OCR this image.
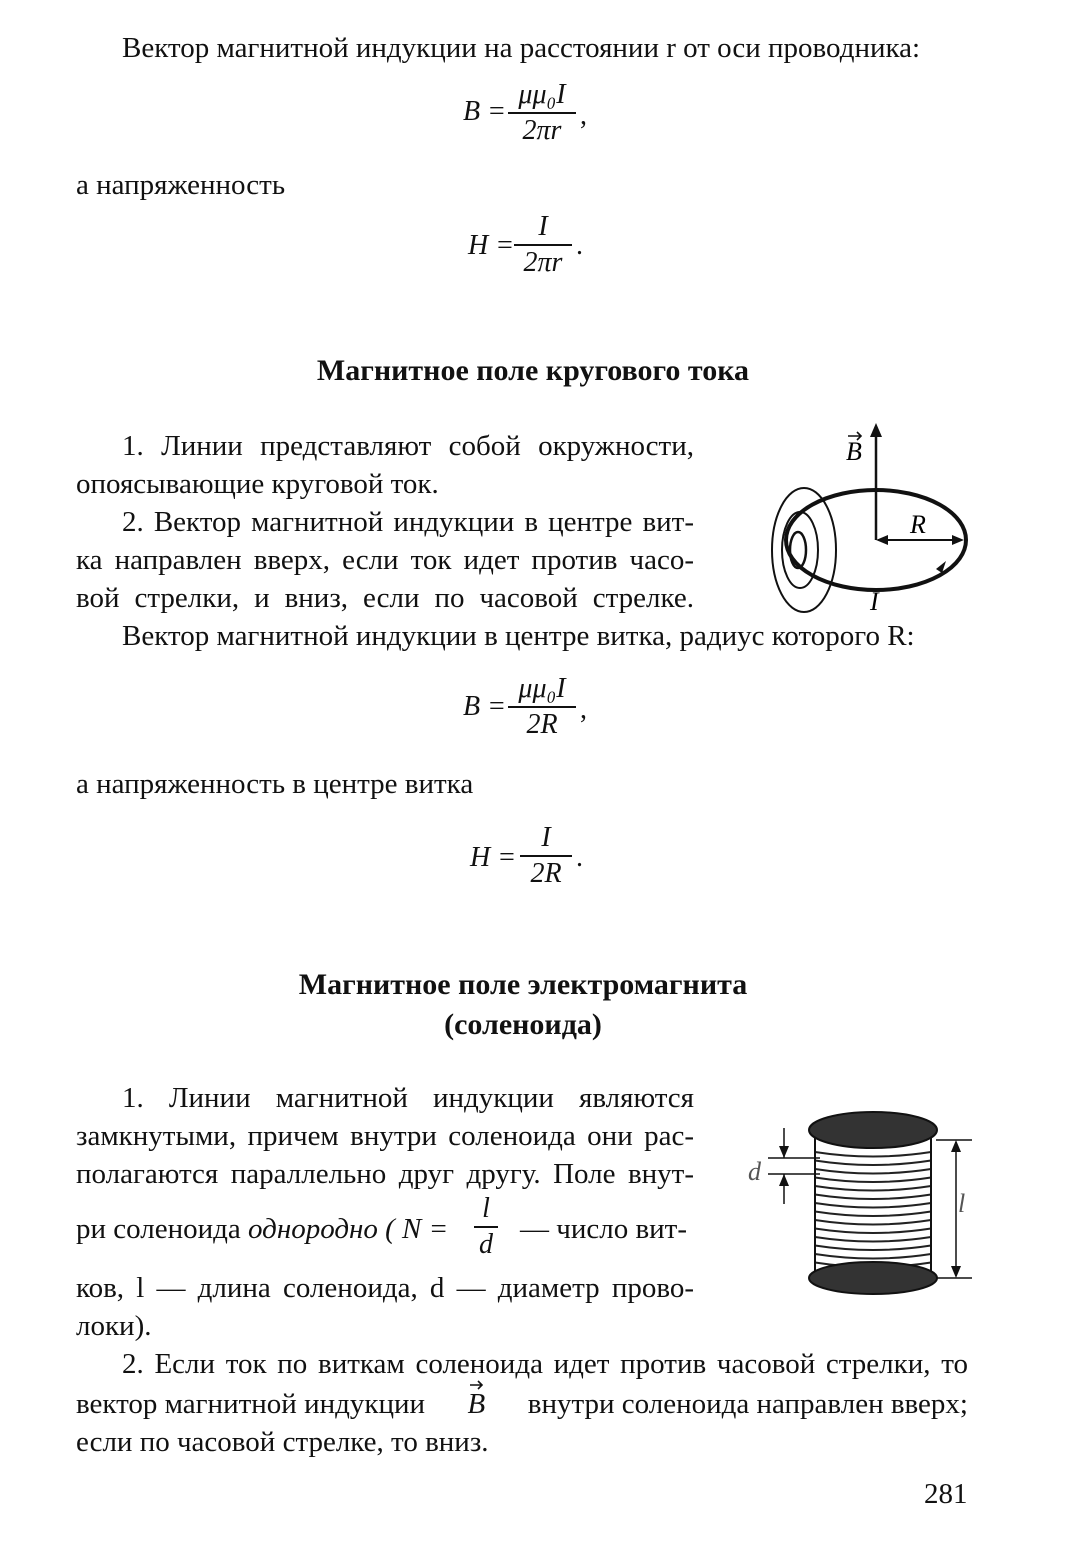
Вектор магнитной индукции на расстоянии r от оси проводника:
B =
μμ₀I
2πr ,
а напряженность
H =
I
2πr
.
Магнитное поле кругового тока
1. Линии представляют собой окружности,
опоясывающие круговой ток.
2. Вектор магнитной индукции в центре вит-
ка направлен вверх, если ток идет против часо-
вой стрелки, и вниз, если по часовой стрелке.
Вектор магнитной индукции в центре витка, радиус которого R:
B
R
I
B =
μμ₀I
2R ,
а напряженность в центре витка
H =
I
2R
.
Магнитное поле электромагнита
(соленоида)
1. Линии магнитной индукции являются
замкнутыми, причем внутри соленоида они рас-
полагаются параллельно друг другу. Поле внут-
ри соленоида однородно ( N =
l
d — число вит-
ков, l — длина соленоида, d — диаметр прово-
локи).
2. Если ток по виткам соленоида идет против часовой стрелки, то
вектор магнитной индукции B внутри соленоида направлен вверх;
если по часовой стрелке, то вниз.
d
l
281
